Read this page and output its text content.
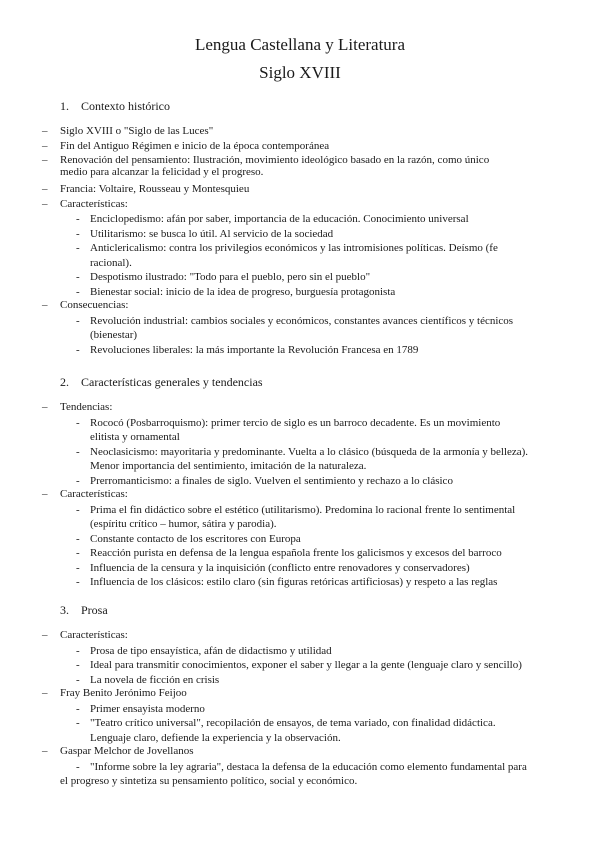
Lengua Castellana y Literatura
Siglo XVIII
1. Contexto histórico
– Siglo XVIII o "Siglo de las Luces"
– Fin del Antiguo Régimen e inicio de la época contemporánea
– Renovación del pensamiento: Ilustración, movimiento ideológico basado en la razón, como único
medio para alcanzar la felicidad y el progreso.
– Francia: Voltaire, Rousseau y Montesquieu
– Características:
- Enciclopedismo: afán por saber, importancia de la educación. Conocimiento universal
- Utilitarismo: se busca lo útil. Al servicio de la sociedad
- Anticlericalismo: contra los privilegios económicos y las intromisiones políticas. Deísmo (fe
racional).
- Despotismo ilustrado: "Todo para el pueblo, pero sin el pueblo"
- Bienestar social: inicio de la idea de progreso, burguesía protagonista
– Consecuencias:
- Revolución industrial: cambios sociales y económicos, constantes avances científicos y técnicos
(bienestar)
- Revoluciones liberales: la más importante la Revolución Francesa en 1789
2. Características generales y tendencias
– Tendencias:
- Rococó (Posbarroquismo): primer tercio de siglo es un barroco decadente. Es un movimiento
elitista y ornamental
- Neoclasicismo: mayoritaria y predominante. Vuelta a lo clásico (búsqueda de la armonía y belleza).
Menor importancia del sentimiento, imitación de la naturaleza.
- Prerromanticismo: a finales de siglo. Vuelven el sentimiento y rechazo a lo clásico
– Características:
- Prima el fin didáctico sobre el estético (utilitarismo). Predomina lo racional frente lo sentimental
(espíritu crítico – humor, sátira y parodia).
- Constante contacto de los escritores con Europa
- Reacción purista en defensa de la lengua española frente los galicismos y excesos del barroco
- Influencia de la censura y la inquisición (conflicto entre renovadores y conservadores)
- Influencia de los clásicos: estilo claro (sin figuras retóricas artificiosas) y respeto a las reglas
3. Prosa
– Características:
- Prosa de tipo ensayística, afán de didactismo y utilidad
- Ideal para transmitir conocimientos, exponer el saber y llegar a la gente (lenguaje claro y sencillo)
- La novela de ficción en crisis
– Fray Benito Jerónimo Feijoo
- Primer ensayista moderno
- "Teatro crítico universal", recopilación de ensayos, de tema variado, con finalidad didáctica.
Lenguaje claro, defiende la experiencia y la observación.
– Gaspar Melchor de Jovellanos
- "Informe sobre la ley agraria", destaca la defensa de la educación como elemento fundamental para
el progreso y sintetiza su pensamiento político, social y económico.
